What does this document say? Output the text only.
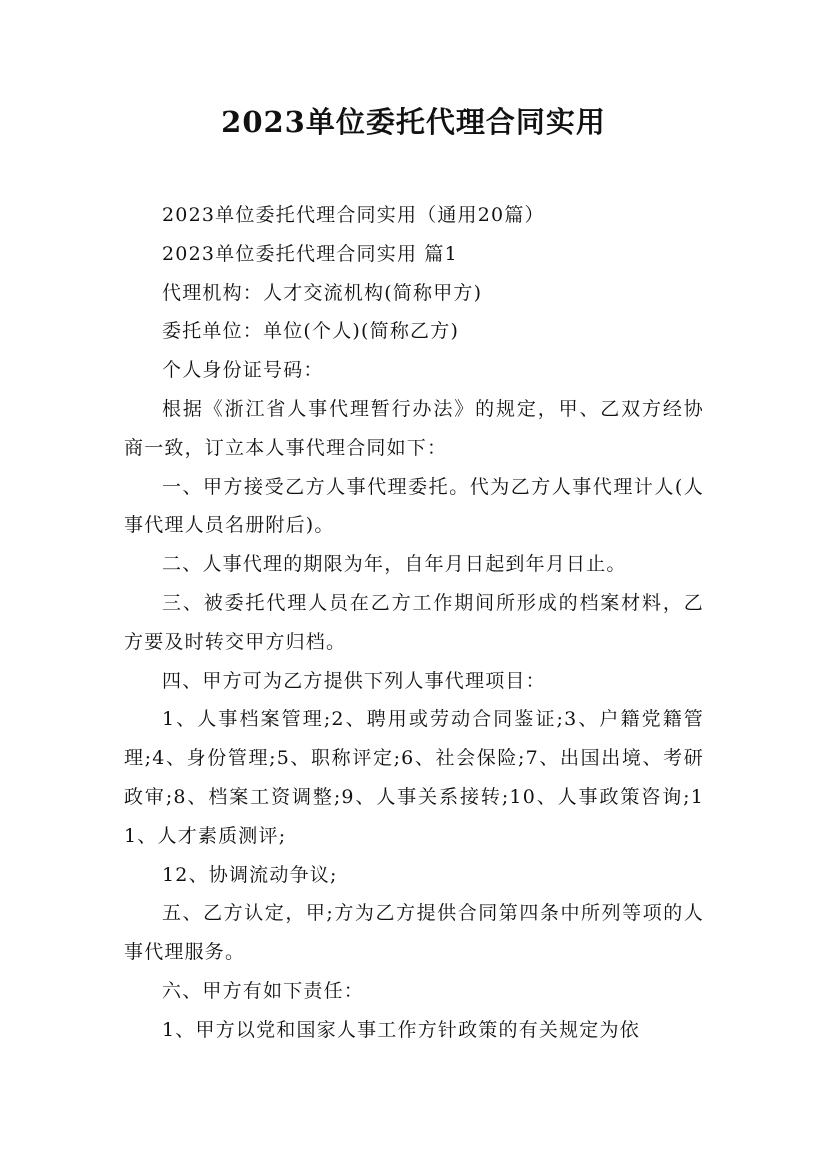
2023单位委托代理合同实用

2023单位委托代理合同实用（通用20篇）

2023单位委托代理合同实用 篇1

代理机构：人才交流机构(简称甲方)

委托单位：单位(个人)(简称乙方)

个人身份证号码：

根据《浙江省人事代理暂行办法》的规定，甲、乙双方经协商一致，订立本人事代理合同如下：

一、甲方接受乙方人事代理委托。代为乙方人事代理计人(人事代理人员名册附后)。

二、人事代理的期限为年，自年月日起到年月日止。

三、被委托代理人员在乙方工作期间所形成的档案材料，乙方要及时转交甲方归档。

四、甲方可为乙方提供下列人事代理项目：

1、人事档案管理;2、聘用或劳动合同鉴证;3、户籍党籍管理;4、身份管理;5、职称评定;6、社会保险;7、出国出境、考研政审;8、档案工资调整;9、人事关系接转;10、人事政策咨询;11、人才素质测评;

12、协调流动争议;

五、乙方认定，甲;方为乙方提供合同第四条中所列等项的人事代理服务。

六、甲方有如下责任：

1、甲方以党和国家人事工作方针政策的有关规定为依
